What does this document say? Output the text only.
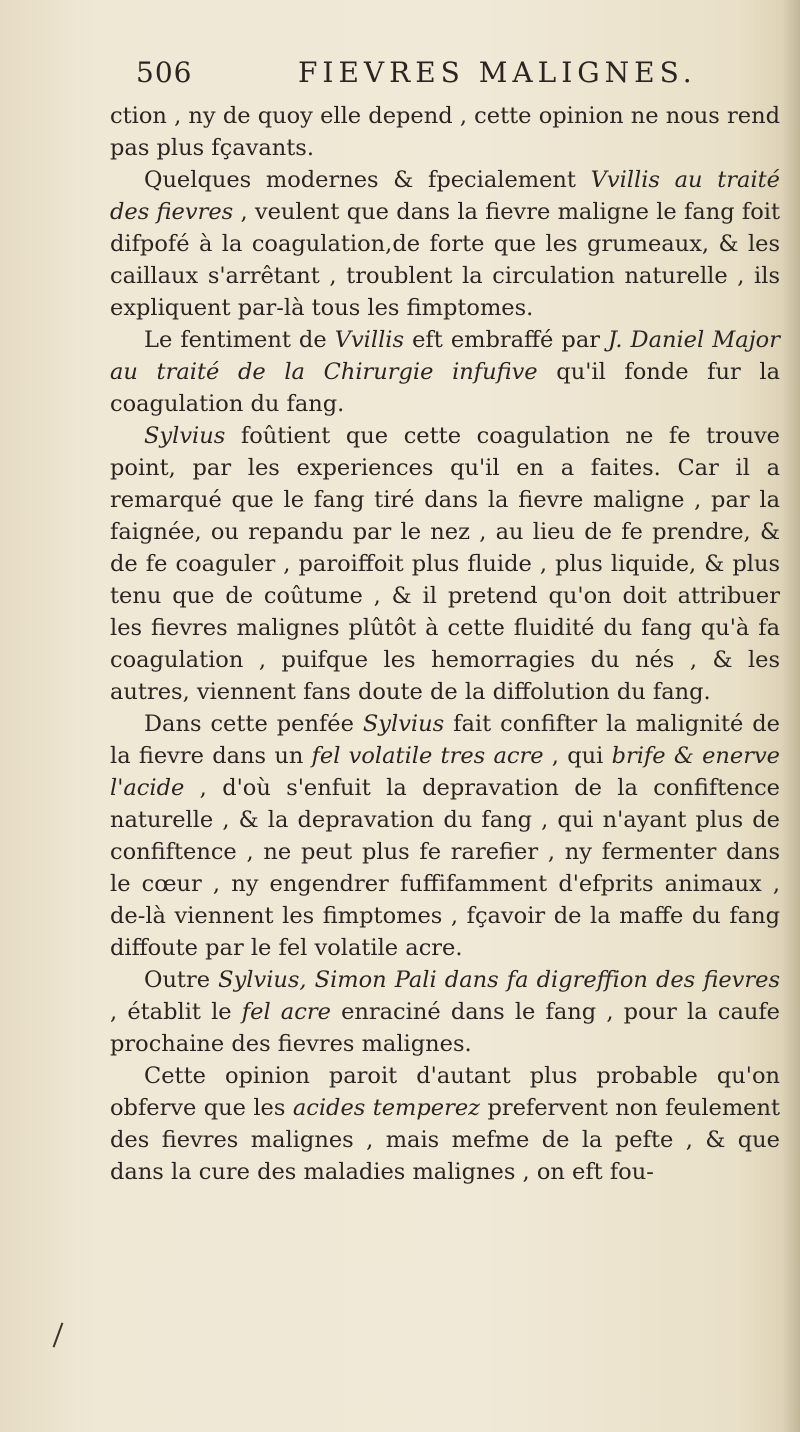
506	FIEVRES MALIGNES.

ction , ny de quoy elle depend , cette opinion ne nous rend pas plus fçavants.

Quelques modernes & fpecialement Vvillis au traité des fievres , veulent que dans la fievre maligne le fang foit difpofé à la coagulation,de forte que les grumeaux, & les caillaux s'arrêtant , troublent la circulation naturelle , ils expliquent par-là tous les fimptomes.

Le fentiment de Vvillis eft embraffé par J. Daniel Major au traité de la Chirurgie infufive qu'il fonde fur la coagulation du fang.

Sylvius foûtient que cette coagulation ne fe trouve point, par les experiences qu'il en a faites. Car il a remarqué que le fang tiré dans la fievre maligne , par la faignée, ou repandu par le nez , au lieu de fe prendre, & de fe coaguler , paroiffoit plus fluide , plus liquide, & plus tenu que de coûtume , & il pretend qu'on doit attribuer les fievres malignes plûtôt à cette fluidité du fang qu'à fa coagulation , puifque les hemorragies du nés , & les autres, viennent fans doute de la diffolution du fang.

Dans cette penfée Sylvius fait confifter la malignité de la fievre dans un fel volatile tres acre , qui brife & enerve l'acide , d'où s'enfuit la depravation de la confiftence naturelle , & la depravation du fang , qui n'ayant plus de confiftence , ne peut plus fe rarefier , ny fermenter dans le cœur , ny engendrer fuffifamment d'efprits animaux , de-là viennent les fimptomes , fçavoir de la maffe du fang diffoute par le fel volatile acre.

Outre Sylvius, Simon Pali dans fa digreffion des fievres , établit le fel acre enraciné dans le fang , pour la caufe prochaine des fievres malignes.

Cette opinion paroit d'autant plus probable qu'on obferve que les acides temperez prefervent non feulement des fievres malignes , mais mefme de la pefte , & que dans la cure des maladies malignes , on eft fou-
